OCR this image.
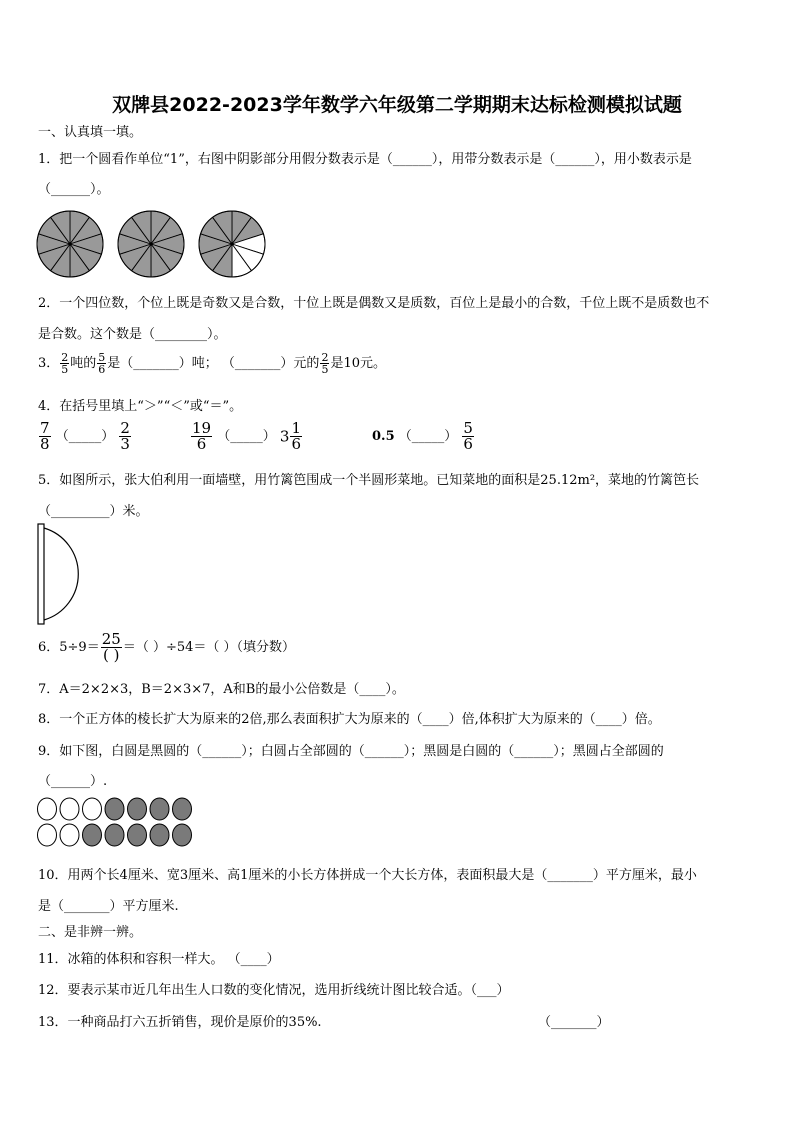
双牌县2022-2023学年数学六年级第二学期期末达标检测模拟试题
一、认真填一填。
1．把一个圆看作单位“1”，右图中阴影部分用假分数表示是（______），用带分数表示是（______），用小数表示是
（______）。
2．一个四位数，个位上既是奇数又是合数，十位上既是偶数又是质数，百位上是最小的合数，千位上既不是质数也不
是合数。这个数是（________）。
3． $\frac{2}{5}$ 吨的 $\frac{5}{6}$ 是（_______）吨； （_______）元的 $\frac{2}{5}$ 是10元。
4．在括号里填上“＞”“＜”或“＝”。
$\frac{7}{8}$ （_____） $\frac{2}{3}$	$\frac{19}{6}$ （_____） $3 \frac{1}{6}$	0.5 （_____） $\frac{5}{6}$
5．如图所示，张大伯利用一面墙壁，用竹篱笆围成一个半圆形菜地。已知菜地的面积是25.12m²，菜地的竹篱笆长
（_________）米。
6．$5\div 9= \frac{25}{( )}$ ＝（ ）÷54＝（ ）（填分数）
7．A＝2×2×3，B＝2×3×7，A和B的最小公倍数是（____）。
8．一个正方体的棱长扩大为原来的2倍,那么表面积扩大为原来的（____）倍,体积扩大为原来的（____）倍。
9．如下图，白圆是黑圆的（______）；白圆占全部圆的（______）；黑圆是白圆的（______）；黑圆占全部圆的
（______）.
10．用两个长4厘米、宽3厘米、高1厘米的小长方体拼成一个大长方体，表面积最大是（_______）平方厘米，最小
是（_______）平方厘米.
二、是非辨一辨。
11．冰箱的体积和容积一样大。 （____）
12．要表示某市近几年出生人口数的变化情况，选用折线统计图比较合适。（___）
13．一种商品打六五折销售，现价是原价的35%.	（_______）
